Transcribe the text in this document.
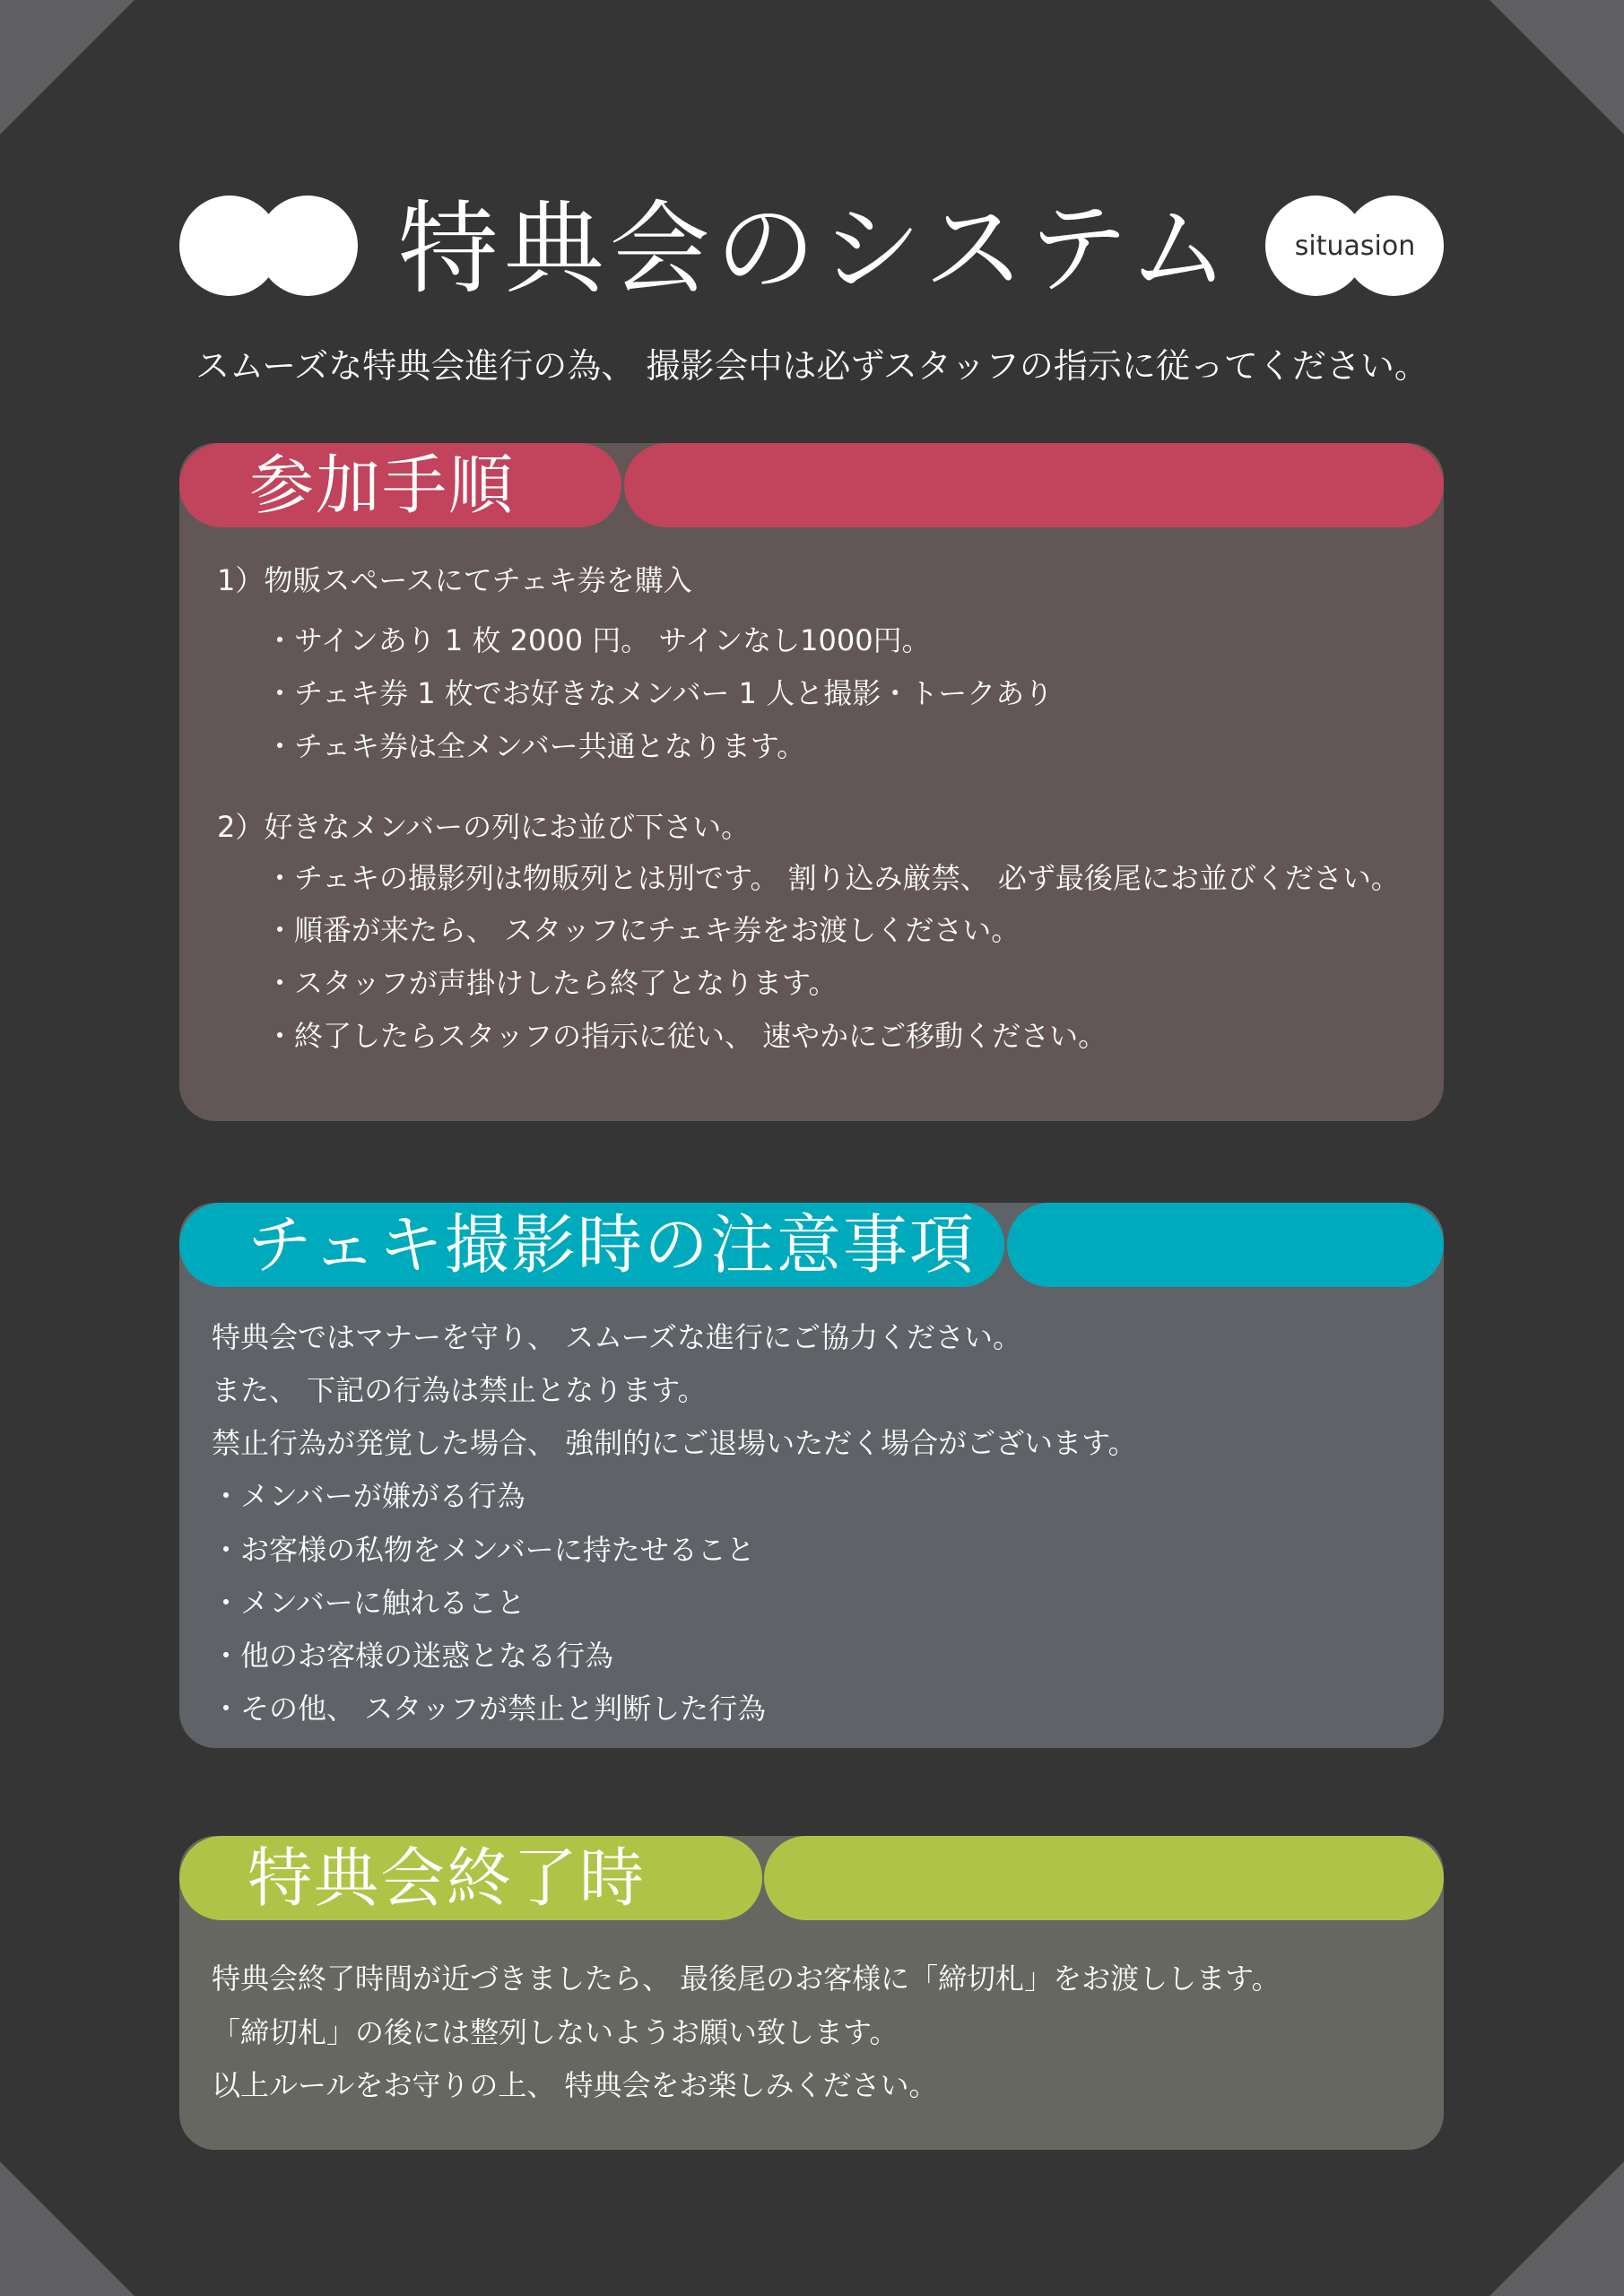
特典会のシステム	situasion
スムーズな特典会進行の為、 撮影会中は必ずスタッフの指示に従ってください。
参加手順
1）物販スペースにてチェキ券を購入
・サインあり 1 枚 2000 円。 サインなし1000円。
・チェキ券 1 枚でお好きなメンバー 1 人と撮影・トークあり
・チェキ券は全メンバー共通となります。
2）好きなメンバーの列にお並び下さい。
・チェキの撮影列は物販列とは別です。 割り込み厳禁、 必ず最後尾にお並びください。
・順番が来たら、 スタッフにチェキ券をお渡しください。
・スタッフが声掛けしたら終了となります。
・終了したらスタッフの指示に従い、 速やかにご移動ください。
チェキ撮影時の注意事項
特典会ではマナーを守り、 スムーズな進行にご協力ください。
また、 下記の行為は禁止となります。
禁止行為が発覚した場合、 強制的にご退場いただく場合がございます。
・メンバーが嫌がる行為
・お客様の私物をメンバーに持たせること
・メンバーに触れること
・他のお客様の迷惑となる行為
・その他、 スタッフが禁止と判断した行為
特典会終了時
特典会終了時間が近づきましたら、 最後尾のお客様に「締切札」をお渡しします。
「締切札」の後には整列しないようお願い致します。
以上ルールをお守りの上、 特典会をお楽しみください。
